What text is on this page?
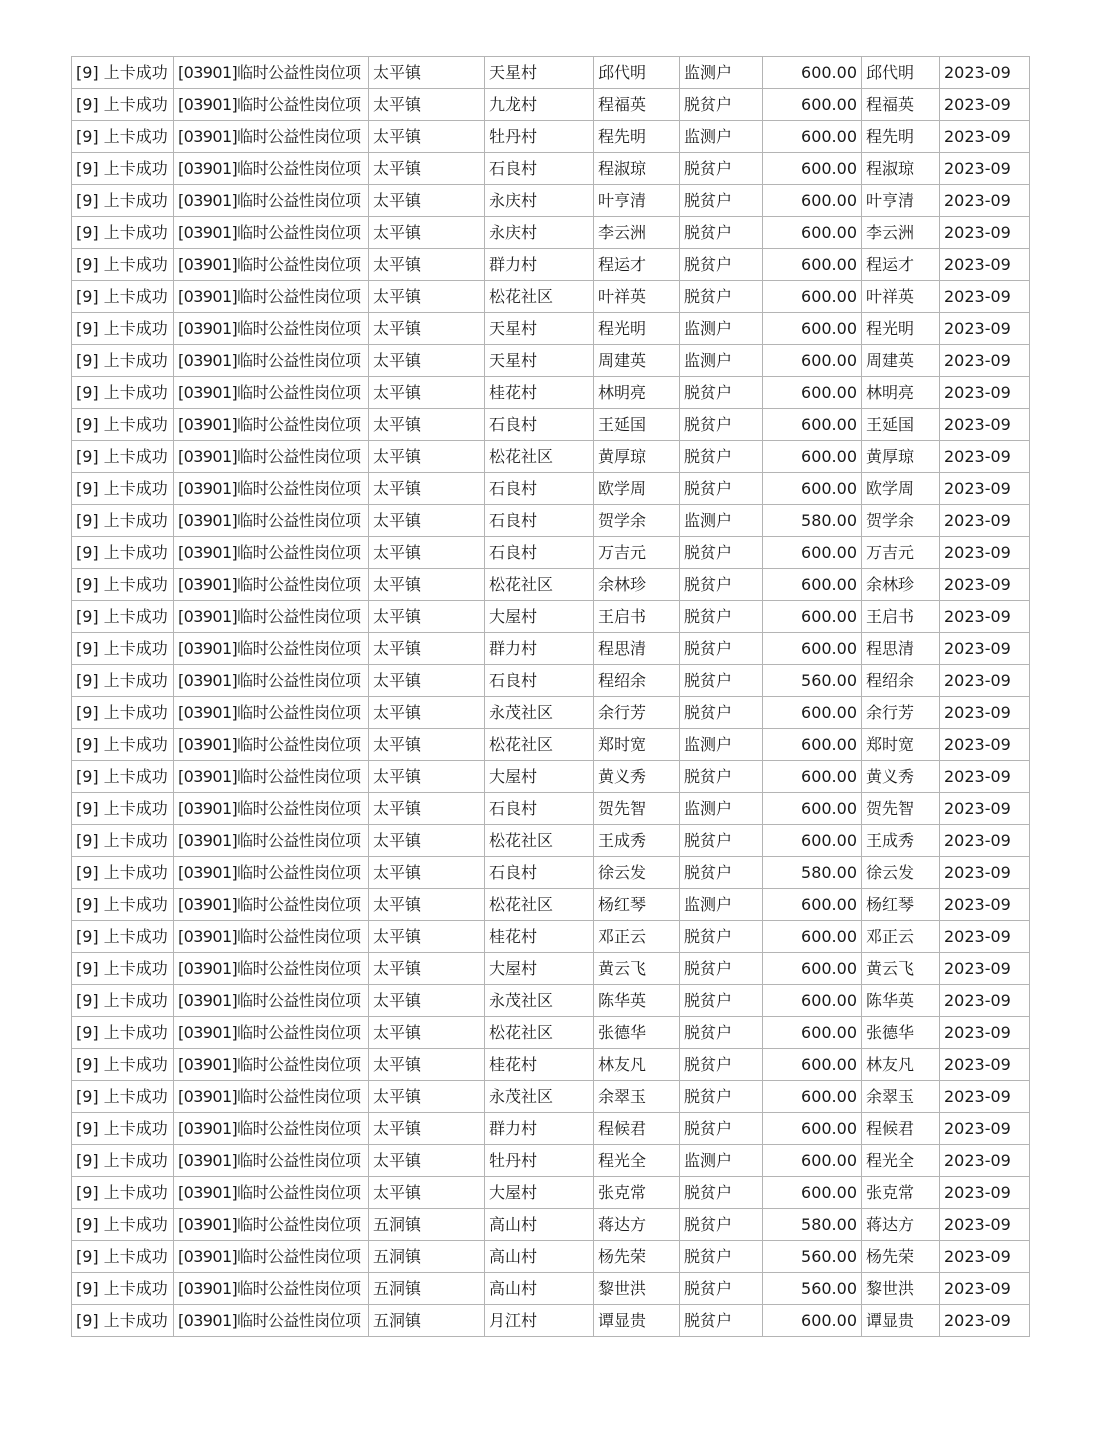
[9] 上卡成功	[03901]临时公益性岗位项	太平镇	天星村	邱代明	监测户	600.00	邱代明	2023-09
[9] 上卡成功	[03901]临时公益性岗位项	太平镇	九龙村	程福英	脱贫户	600.00	程福英	2023-09
[9] 上卡成功	[03901]临时公益性岗位项	太平镇	牡丹村	程先明	监测户	600.00	程先明	2023-09
[9] 上卡成功	[03901]临时公益性岗位项	太平镇	石良村	程淑琼	脱贫户	600.00	程淑琼	2023-09
[9] 上卡成功	[03901]临时公益性岗位项	太平镇	永庆村	叶亨清	脱贫户	600.00	叶亨清	2023-09
[9] 上卡成功	[03901]临时公益性岗位项	太平镇	永庆村	李云洲	脱贫户	600.00	李云洲	2023-09
[9] 上卡成功	[03901]临时公益性岗位项	太平镇	群力村	程运才	脱贫户	600.00	程运才	2023-09
[9] 上卡成功	[03901]临时公益性岗位项	太平镇	松花社区	叶祥英	脱贫户	600.00	叶祥英	2023-09
[9] 上卡成功	[03901]临时公益性岗位项	太平镇	天星村	程光明	监测户	600.00	程光明	2023-09
[9] 上卡成功	[03901]临时公益性岗位项	太平镇	天星村	周建英	监测户	600.00	周建英	2023-09
[9] 上卡成功	[03901]临时公益性岗位项	太平镇	桂花村	林明亮	脱贫户	600.00	林明亮	2023-09
[9] 上卡成功	[03901]临时公益性岗位项	太平镇	石良村	王延国	脱贫户	600.00	王延国	2023-09
[9] 上卡成功	[03901]临时公益性岗位项	太平镇	松花社区	黄厚琼	脱贫户	600.00	黄厚琼	2023-09
[9] 上卡成功	[03901]临时公益性岗位项	太平镇	石良村	欧学周	脱贫户	600.00	欧学周	2023-09
[9] 上卡成功	[03901]临时公益性岗位项	太平镇	石良村	贺学余	监测户	580.00	贺学余	2023-09
[9] 上卡成功	[03901]临时公益性岗位项	太平镇	石良村	万吉元	脱贫户	600.00	万吉元	2023-09
[9] 上卡成功	[03901]临时公益性岗位项	太平镇	松花社区	余林珍	脱贫户	600.00	余林珍	2023-09
[9] 上卡成功	[03901]临时公益性岗位项	太平镇	大屋村	王启书	脱贫户	600.00	王启书	2023-09
[9] 上卡成功	[03901]临时公益性岗位项	太平镇	群力村	程思清	脱贫户	600.00	程思清	2023-09
[9] 上卡成功	[03901]临时公益性岗位项	太平镇	石良村	程绍余	脱贫户	560.00	程绍余	2023-09
[9] 上卡成功	[03901]临时公益性岗位项	太平镇	永茂社区	余行芳	脱贫户	600.00	余行芳	2023-09
[9] 上卡成功	[03901]临时公益性岗位项	太平镇	松花社区	郑时宽	监测户	600.00	郑时宽	2023-09
[9] 上卡成功	[03901]临时公益性岗位项	太平镇	大屋村	黄义秀	脱贫户	600.00	黄义秀	2023-09
[9] 上卡成功	[03901]临时公益性岗位项	太平镇	石良村	贺先智	监测户	600.00	贺先智	2023-09
[9] 上卡成功	[03901]临时公益性岗位项	太平镇	松花社区	王成秀	脱贫户	600.00	王成秀	2023-09
[9] 上卡成功	[03901]临时公益性岗位项	太平镇	石良村	徐云发	脱贫户	580.00	徐云发	2023-09
[9] 上卡成功	[03901]临时公益性岗位项	太平镇	松花社区	杨红琴	监测户	600.00	杨红琴	2023-09
[9] 上卡成功	[03901]临时公益性岗位项	太平镇	桂花村	邓正云	脱贫户	600.00	邓正云	2023-09
[9] 上卡成功	[03901]临时公益性岗位项	太平镇	大屋村	黄云飞	脱贫户	600.00	黄云飞	2023-09
[9] 上卡成功	[03901]临时公益性岗位项	太平镇	永茂社区	陈华英	脱贫户	600.00	陈华英	2023-09
[9] 上卡成功	[03901]临时公益性岗位项	太平镇	松花社区	张德华	脱贫户	600.00	张德华	2023-09
[9] 上卡成功	[03901]临时公益性岗位项	太平镇	桂花村	林友凡	脱贫户	600.00	林友凡	2023-09
[9] 上卡成功	[03901]临时公益性岗位项	太平镇	永茂社区	余翠玉	脱贫户	600.00	余翠玉	2023-09
[9] 上卡成功	[03901]临时公益性岗位项	太平镇	群力村	程候君	脱贫户	600.00	程候君	2023-09
[9] 上卡成功	[03901]临时公益性岗位项	太平镇	牡丹村	程光全	监测户	600.00	程光全	2023-09
[9] 上卡成功	[03901]临时公益性岗位项	太平镇	大屋村	张克常	脱贫户	600.00	张克常	2023-09
[9] 上卡成功	[03901]临时公益性岗位项	五洞镇	高山村	蒋达方	脱贫户	580.00	蒋达方	2023-09
[9] 上卡成功	[03901]临时公益性岗位项	五洞镇	高山村	杨先荣	脱贫户	560.00	杨先荣	2023-09
[9] 上卡成功	[03901]临时公益性岗位项	五洞镇	高山村	黎世洪	脱贫户	560.00	黎世洪	2023-09
[9] 上卡成功	[03901]临时公益性岗位项	五洞镇	月江村	谭显贵	脱贫户	600.00	谭显贵	2023-09
